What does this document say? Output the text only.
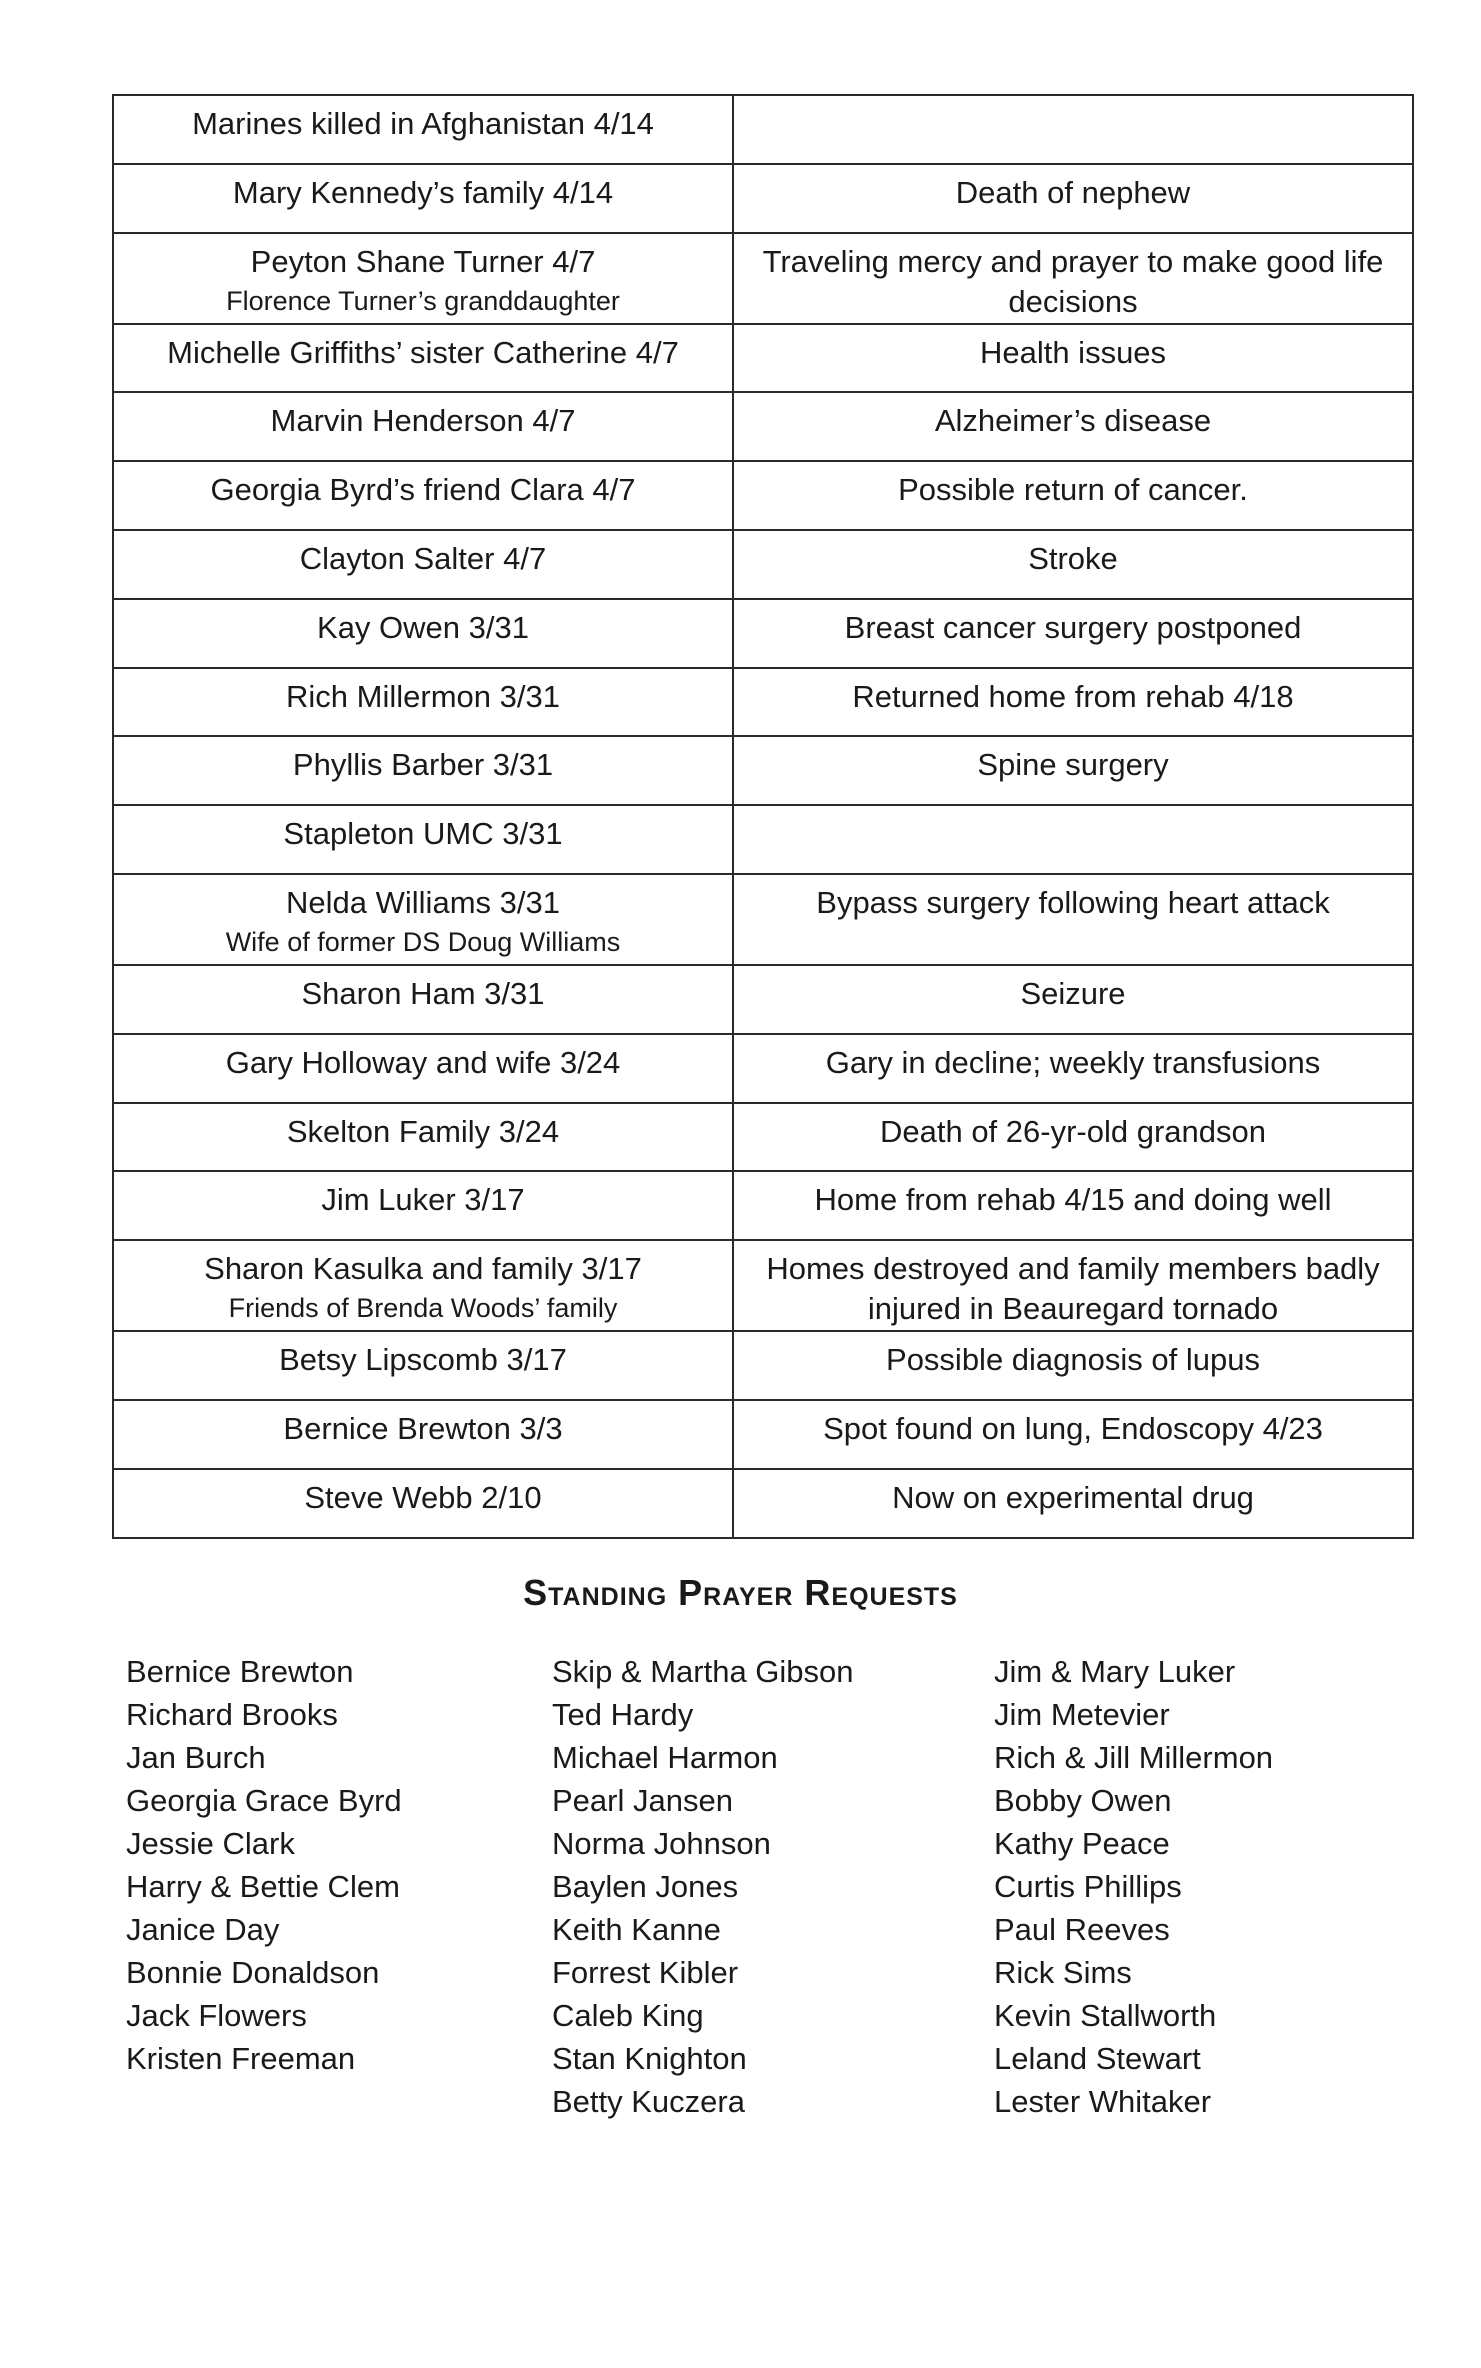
Marines killed in Afghanistan 4/14	

Mary Kennedy’s family 4/14	Death of nephew

Peyton Shane Turner 4/7
Florence Turner’s granddaughter	Traveling mercy and prayer to make good life decisions

Michelle Griffiths’ sister Catherine 4/7	Health issues

Marvin Henderson 4/7	Alzheimer’s disease

Georgia Byrd’s friend Clara 4/7	Possible return of cancer.

Clayton Salter 4/7	Stroke

Kay Owen 3/31	Breast cancer surgery postponed

Rich Millermon 3/31	Returned home from rehab 4/18

Phyllis Barber 3/31	Spine surgery

Stapleton UMC 3/31	

Nelda Williams 3/31
Wife of former DS Doug Williams	Bypass surgery following heart attack

Sharon Ham 3/31	Seizure

Gary Holloway and wife 3/24	Gary in decline; weekly transfusions

Skelton Family 3/24	Death of 26-yr-old grandson

Jim Luker 3/17	Home from rehab 4/15 and doing well

Sharon Kasulka and family 3/17
Friends of Brenda Woods’ family	Homes destroyed and family members badly injured in Beauregard tornado

Betsy Lipscomb 3/17	Possible diagnosis of lupus

Bernice Brewton 3/3	Spot found on lung, Endoscopy 4/23

Steve Webb 2/10	Now on experimental drug
Standing Prayer Requests
Bernice Brewton
Richard Brooks
Jan Burch
Georgia Grace Byrd
Jessie Clark
Harry & Bettie Clem
Janice Day
Bonnie Donaldson
Jack Flowers
Kristen Freeman
Skip & Martha Gibson
Ted Hardy
Michael Harmon
Pearl Jansen
Norma Johnson
Baylen Jones
Keith Kanne
Forrest Kibler
Caleb King
Stan Knighton
Betty Kuczera
Jim & Mary Luker
Jim Metevier
Rich & Jill Millermon
Bobby Owen
Kathy Peace
Curtis Phillips
Paul Reeves
Rick Sims
Kevin Stallworth
Leland Stewart
Lester Whitaker
